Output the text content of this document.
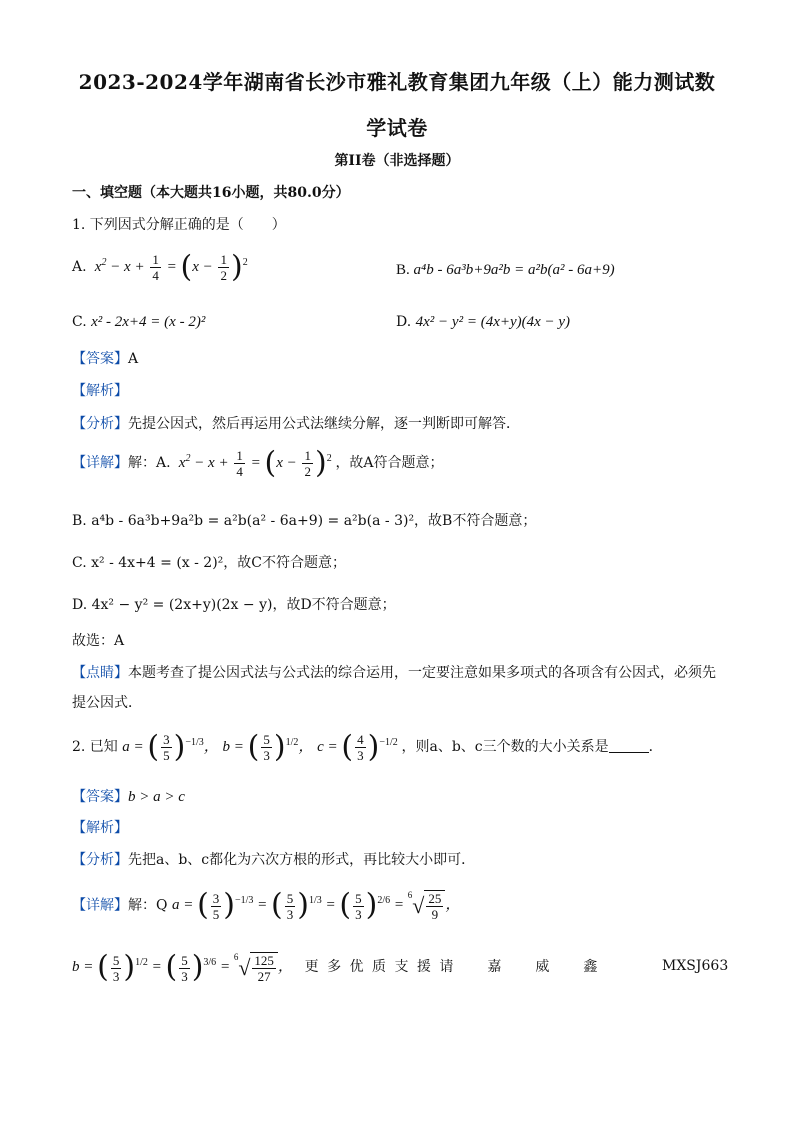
2023-2024学年湖南省长沙市雅礼教育集团九年级（上）能力测试数
学试卷
第II卷（非选择题）
一、填空题（本大题共16小题，共80.0分）
1. 下列因式分解正确的是（　　）
A.  $x^2 - x + \frac{1}{4} = (x - \frac{1}{2} )^2$	B. a⁴b - 6a³b+9a²b = a²b(a² - 6a+9)
C. x² - 2x+4 = (x - 2)²	D. 4x² − y² = (4x+y)(4x − y)
【答案】A
【解析】
【分析】先提公因式，然后再运用公式法继续分解，逐一判断即可解答．
【详解】解：A.  $x^2 - x + \frac{1}{4} = (x - \frac{1}{2} )^2$ ，故A符合题意；
B. a⁴b - 6a³b+9a²b = a²b(a² - 6a+9) = a²b(a - 3)²，故B不符合题意；
C. x² - 4x+4 = (x - 2)²，故C不符合题意；
D. 4x² − y² = (2x+y)(2x − y)，故D不符合题意；
故选：A
【点睛】本题考查了提公因式法与公式法的综合运用，一定要注意如果多项式的各项含有公因式，必须先
提公因式．
2. 已知 a = ( $\frac{3}{5} )^{-1/3}$， b = ( $\frac{5}{3} )^{1/2}$， c = ( $\frac{4}{3} )^{-1/2}$ ，则a、b、c三个数的大小关系是	．
【答案】b > a > c
【解析】
【分析】先把a、b、c都化为六次方根的形式，再比较大小即可．
【详解】解：Q a = ( $\frac{3}{5} )^{-1/3}$ = ( $\frac{5}{3} )^{1/3}$ = ( $\frac{5}{3} )^{2/6} = ^6√ \frac{25}{9}$ ，
b = ( $\frac{5}{3} )^{1/2}$ = ( $\frac{5}{3} )^{3/6} = ^6√ \frac{125}{27}$ ， 更 多 优 质 支 援 请　　嘉　　威　　鑫	MXSJ663
